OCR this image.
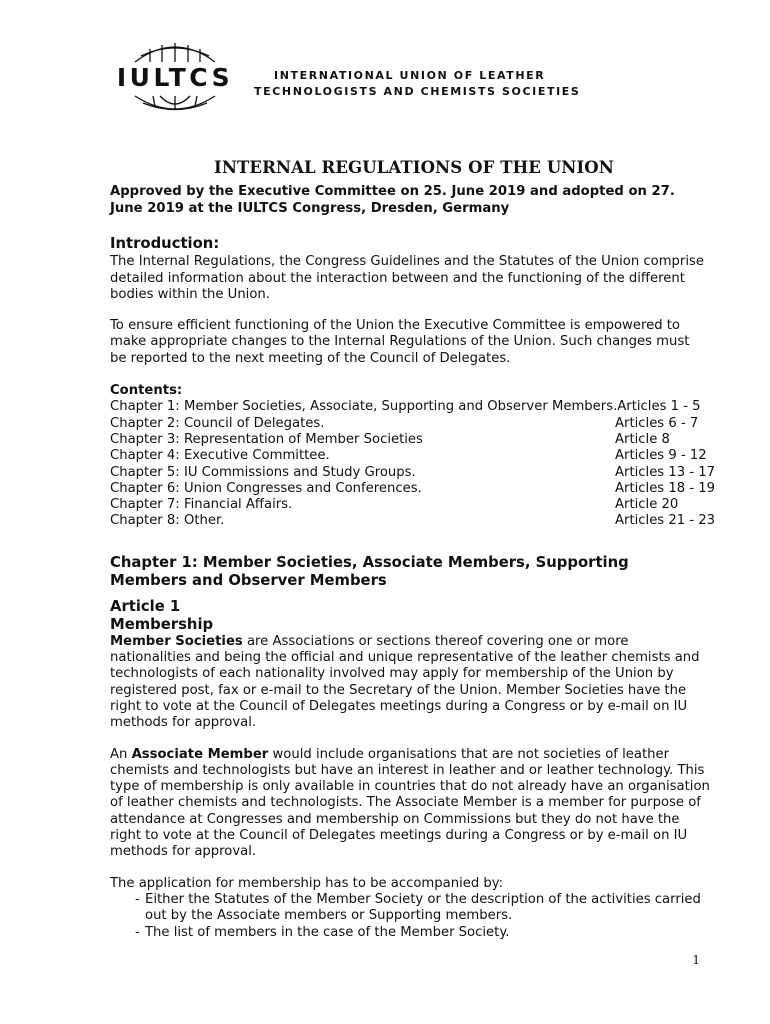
IULTCS	INTERNATIONAL UNION OF LEATHER
TECHNOLOGISTS AND CHEMISTS SOCIETIES
INTERNAL REGULATIONS OF THE UNION

Approved by the Executive Committee on 25. June 2019 and adopted on 27. June 2019 at the IULTCS Congress, Dresden, Germany

Introduction:

The Internal Regulations, the Congress Guidelines and the Statutes of the Union comprise detailed information about the interaction between and the functioning of the different bodies within the Union.

To ensure efficient functioning of the Union the Executive Committee is empowered to make appropriate changes to the Internal Regulations of the Union. Such changes must be reported to the next meeting of the Council of Delegates.

Contents:
Chapter 1: Member Societies, Associate, Supporting and Observer Members. Articles 1 - 5
Chapter 2: Council of Delegates.	Articles 6 - 7
Chapter 3: Representation of Member Societies	Article 8
Chapter 4: Executive Committee.	Articles 9 - 12
Chapter 5: IU Commissions and Study Groups.	Articles 13 - 17
Chapter 6: Union Congresses and Conferences.	Articles 18 - 19
Chapter 7: Financial Affairs.	Article 20
Chapter 8: Other.	Articles 21 - 23
Chapter 1: Member Societies, Associate Members, Supporting Members and Observer Members
Article 1
Membership

Member Societies are Associations or sections thereof covering one or more nationalities and being the official and unique representative of the leather chemists and technologists of each nationality involved may apply for membership of the Union by registered post, fax or e-mail to the Secretary of the Union. Member Societies have the right to vote at the Council of Delegates meetings during a Congress or by e-mail on IU methods for approval.

An Associate Member would include organisations that are not societies of leather chemists and technologists but have an interest in leather and or leather technology. This type of membership is only available in countries that do not already have an organisation of leather chemists and technologists. The Associate Member is a member for purpose of attendance at Congresses and membership on Commissions but they do not have the right to vote at the Council of Delegates meetings during a Congress or by e-mail on IU methods for approval.

The application for membership has to be accompanied by:

- Either the Statutes of the Member Society or the description of the activities carried out by the Associate members or Supporting members.
- The list of members in the case of the Member Society.
1
